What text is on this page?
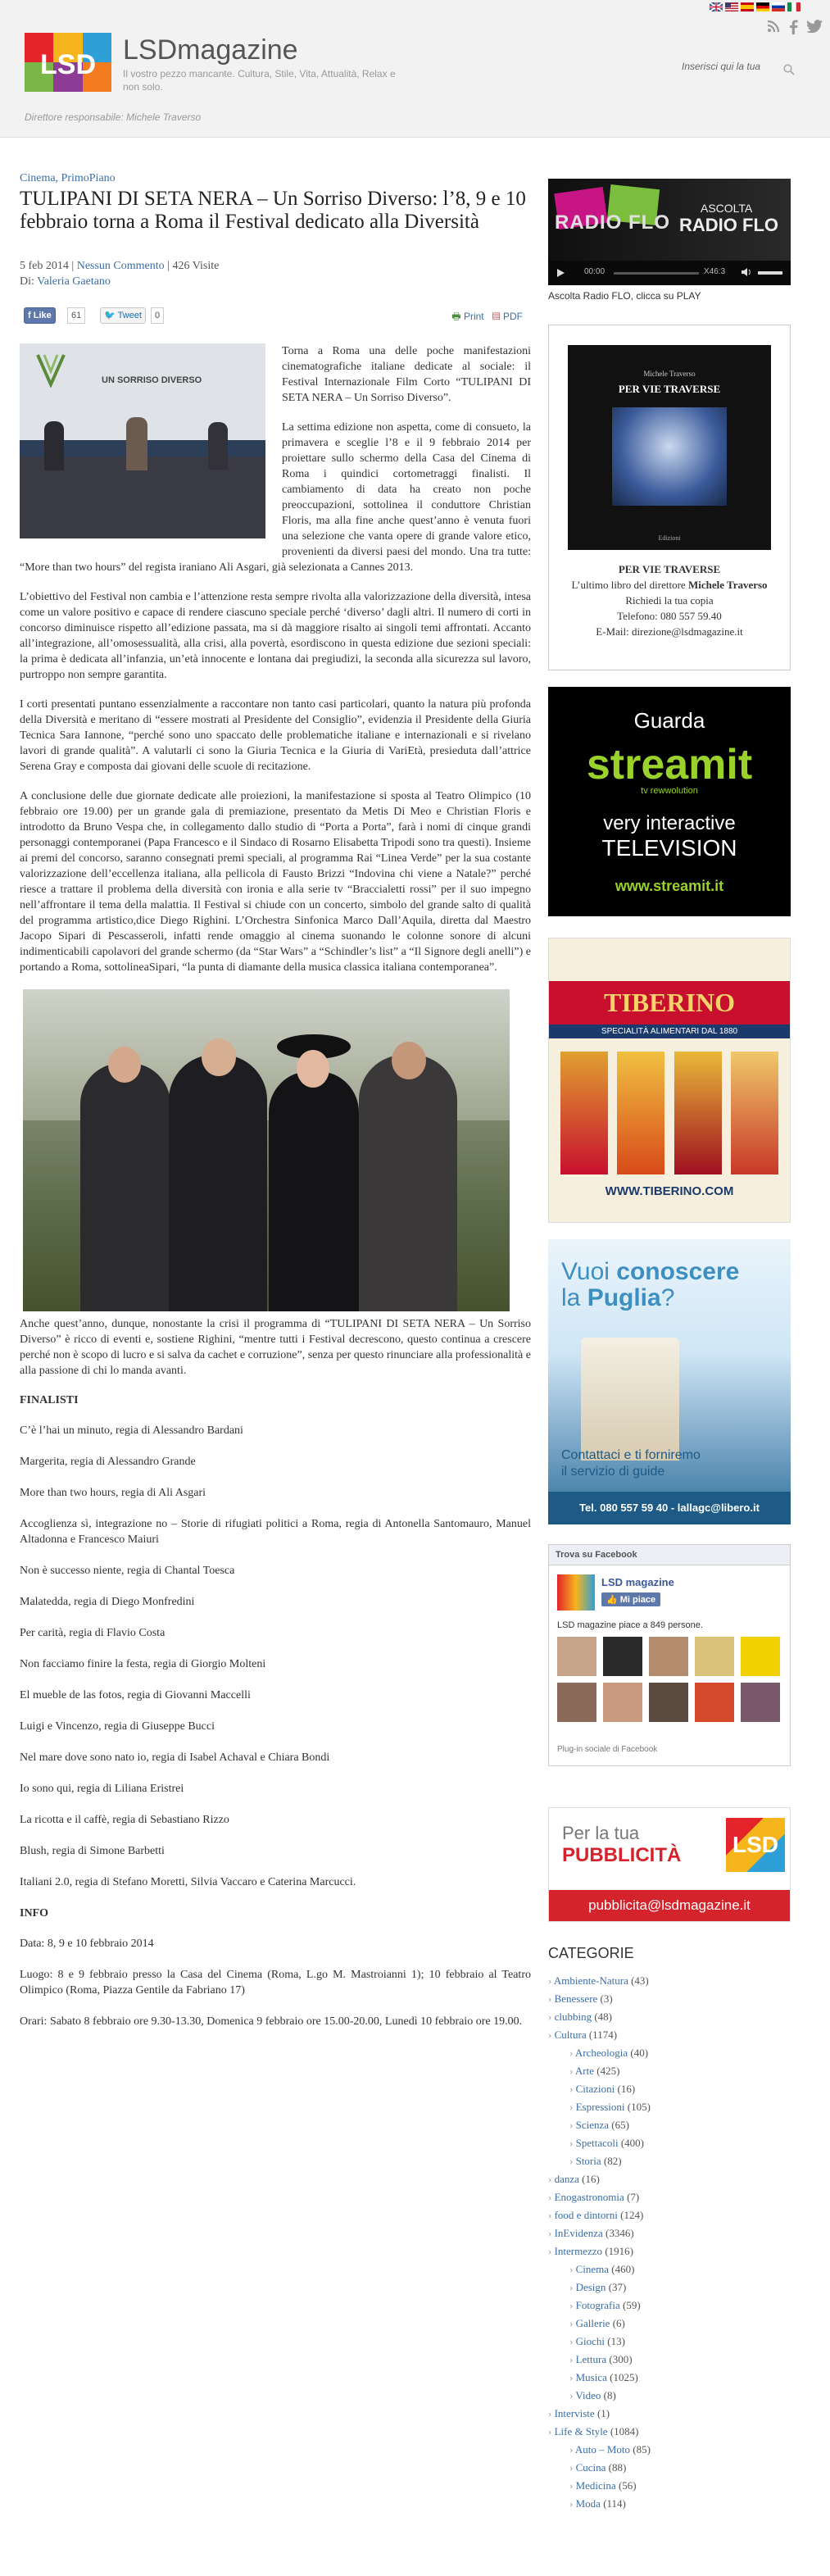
LSD LSDmagazine
Il vostro pezzo mancante. Cultura, Stile, Vita, Attualità, Relax e non solo.
Direttore responsabile: Michele Traverso
Inserisci qui la tua
Cinema, PrimoPiano
TULIPANI DI SETA NERA – Un Sorriso Diverso: l’8, 9 e 10 febbraio torna a Roma il Festival dedicato alla Diversità
5 feb 2014 | Nessun Commento | 426 Visite
Di: Valeria Gaetano
f Like	61	🐦 Tweet	0	🖶 Print ▤ PDF
UN SORRISO DIVERSO

Torna a Roma una delle poche manifestazioni cinematografiche italiane dedicate al sociale: il Festival Internazionale Film Corto “TULIPANI DI SETA NERA – Un Sorriso Diverso”.

La settima edizione non aspetta, come di consueto, la primavera e sceglie l’8 e il 9 febbraio 2014 per proiettare sullo schermo della Casa del Cinema di Roma i quindici cortometraggi finalisti. Il cambiamento di data ha creato non poche preoccupazioni, sottolinea il conduttore Christian Floris, ma alla fine anche quest’anno è venuta fuori una selezione che vanta opere di grande valore etico, provenienti da diversi paesi del mondo. Una tra tutte: “More than two hours” del regista iraniano Ali Asgari, già selezionata a Cannes 2013.

L’obiettivo del Festival non cambia e l’attenzione resta sempre rivolta alla valorizzazione della diversità, intesa come un valore positivo e capace di rendere ciascuno speciale perché ‘diverso’ dagli altri. Il numero di corti in concorso diminuisce rispetto all’edizione passata, ma si dà maggiore risalto ai singoli temi affrontati. Accanto all’integrazione, all’omosessualità, alla crisi, alla povertà, esordiscono in questa edizione due sezioni speciali: la prima è dedicata all’infanzia, un’età innocente e lontana dai pregiudizi, la seconda alla sicurezza sul lavoro, purtroppo non sempre garantita.

I corti presentati puntano essenzialmente a raccontare non tanto casi particolari, quanto la natura più profonda della Diversità e meritano di “essere mostrati al Presidente del Consiglio”, evidenzia il Presidente della Giuria Tecnica Sara Iannone, “perché sono uno spaccato delle problematiche italiane e internazionali e si rivelano lavori di grande qualità”. A valutarli ci sono la Giuria Tecnica e la Giuria di VariEtà, presieduta dall’attrice Serena Gray e composta dai giovani delle scuole di recitazione.

A conclusione delle due giornate dedicate alle proiezioni, la manifestazione si sposta al Teatro Olimpico (10 febbraio ore 19.00) per un grande gala di premiazione, presentato da Metis Di Meo e Christian Floris e introdotto da Bruno Vespa che, in collegamento dallo studio di “Porta a Porta”, farà i nomi di cinque grandi personaggi contemporanei (Papa Francesco e il Sindaco di Rosarno Elisabetta Tripodi sono tra questi). Insieme ai premi del concorso, saranno consegnati premi speciali, al programma Rai “Linea Verde” per la sua costante valorizzazione dell’eccellenza italiana, alla pellicola di Fausto Brizzi “Indovina chi viene a Natale?” perché riesce a trattare il problema della diversità con ironia e alla serie tv “Braccialetti rossi” per il suo impegno nell’affrontare il tema della malattia. Il Festival si chiude con un concerto, simbolo del grande salto di qualità del programma artistico,dice Diego Righini. L’Orchestra Sinfonica Marco Dall’Aquila, diretta dal Maestro Jacopo Sipari di Pescasseroli, infatti rende omaggio al cinema suonando le colonne sonore di alcuni indimenticabili capolavori del grande schermo (da “Star Wars” a “Schindler’s list” a “Il Signore degli anelli”) e portando a Roma, sottolineaSipari, “la punta di diamante della musica classica italiana contemporanea”.

Anche quest’anno, dunque, nonostante la crisi il programma di “TULIPANI DI SETA NERA – Un Sorriso Diverso” è ricco di eventi e, sostiene Righini, “mentre tutti i Festival decrescono, questo continua a crescere perché non è scopo di lucro e si salva da cachet e corruzione”, senza per questo rinunciare alla professionalità e alla passione di chi lo manda avanti.

FINALISTI
C’è l’hai un minuto, regia di Alessandro Bardani
Margerita, regia di Alessandro Grande
More than two hours, regia di Ali Asgari
Accoglienza sì, integrazione no – Storie di rifugiati politici a Roma, regia di Antonella Santomauro, Manuel Altadonna e Francesco Maiuri
Non è successo niente, regia di Chantal Toesca
Malatedda, regia di Diego Monfredini
Per carità, regia di Flavio Costa
Non facciamo finire la festa, regia di Giorgio Molteni
El mueble de las fotos, regia di Giovanni Maccelli
Luigi e Vincenzo, regia di Giuseppe Bucci
Nel mare dove sono nato io, regia di Isabel Achaval e Chiara Bondi
Io sono qui, regia di Liliana Eristrei
La ricotta e il caffè, regia di Sebastiano Rizzo
Blush, regia di Simone Barbetti
Italiani 2.0, regia di Stefano Moretti, Silvia Vaccaro e Caterina Marcucci.
INFO
Data: 8, 9 e 10 febbraio 2014
Luogo: 8 e 9 febbraio presso la Casa del Cinema (Roma, L.go M. Mastroianni 1); 10 febbraio al Teatro Olimpico (Roma, Piazza Gentile da Fabriano 17)
Orari: Sabato 8 febbraio ore 9.30-13.30, Domenica 9 febbraio ore 15.00-20.00, Lunedì 10 febbraio ore 19.00.
RADIO FLO
ASCOLTA
RADIO FLO
00:00	X46:3
Ascolta Radio FLO, clicca su PLAY
Michele Traverso
PER VIE TRAVERSE
Edizioni
PER VIE TRAVERSE
L’ultimo libro del direttore Michele Traverso
Richiedi la tua copia
Telefono: 080 557 59.40
E-Mail: direzione@lsdmagazine.it
Guarda
streamit
tv rewwolution
very interactive
TELEVISION
www.streamit.it
TIBERINO
SPECIALITÀ ALIMENTARI DAL 1880
WWW.TIBERINO.COM
Vuoi conoscere
la Puglia?
Contattaci e ti forniremo
il servizio di guide
Tel. 080 557 59 40 - lallagc@libero.it
Trova su Facebook
LSD magazine
👍 Mi piace
LSD magazine piace a 849 persone.
Plug-in sociale di Facebook
Per la tua
PUBBLICITÀ LSD
pubblicita@lsdmagazine.it
CATEGORIE
› Ambiente-Natura (43)
› Benessere (3)
› clubbing (48)
› Cultura (1174)
› Archeologia (40)
› Arte (425)
› Citazioni (16)
› Espressioni (105)
› Scienza (65)
› Spettacoli (400)
› Storia (82)
› danza (16)
› Enogastronomia (7)
› food e dintorni (124)
› InEvidenza (3346)
› Intermezzo (1916)
› Cinema (460)
› Design (37)
› Fotografia (59)
› Gallerie (6)
› Giochi (13)
› Lettura (300)
› Musica (1025)
› Video (8)
› Interviste (1)
› Life & Style (1084)
› Auto – Moto (85)
› Cucina (88)
› Medicina (56)
› Moda (114)
